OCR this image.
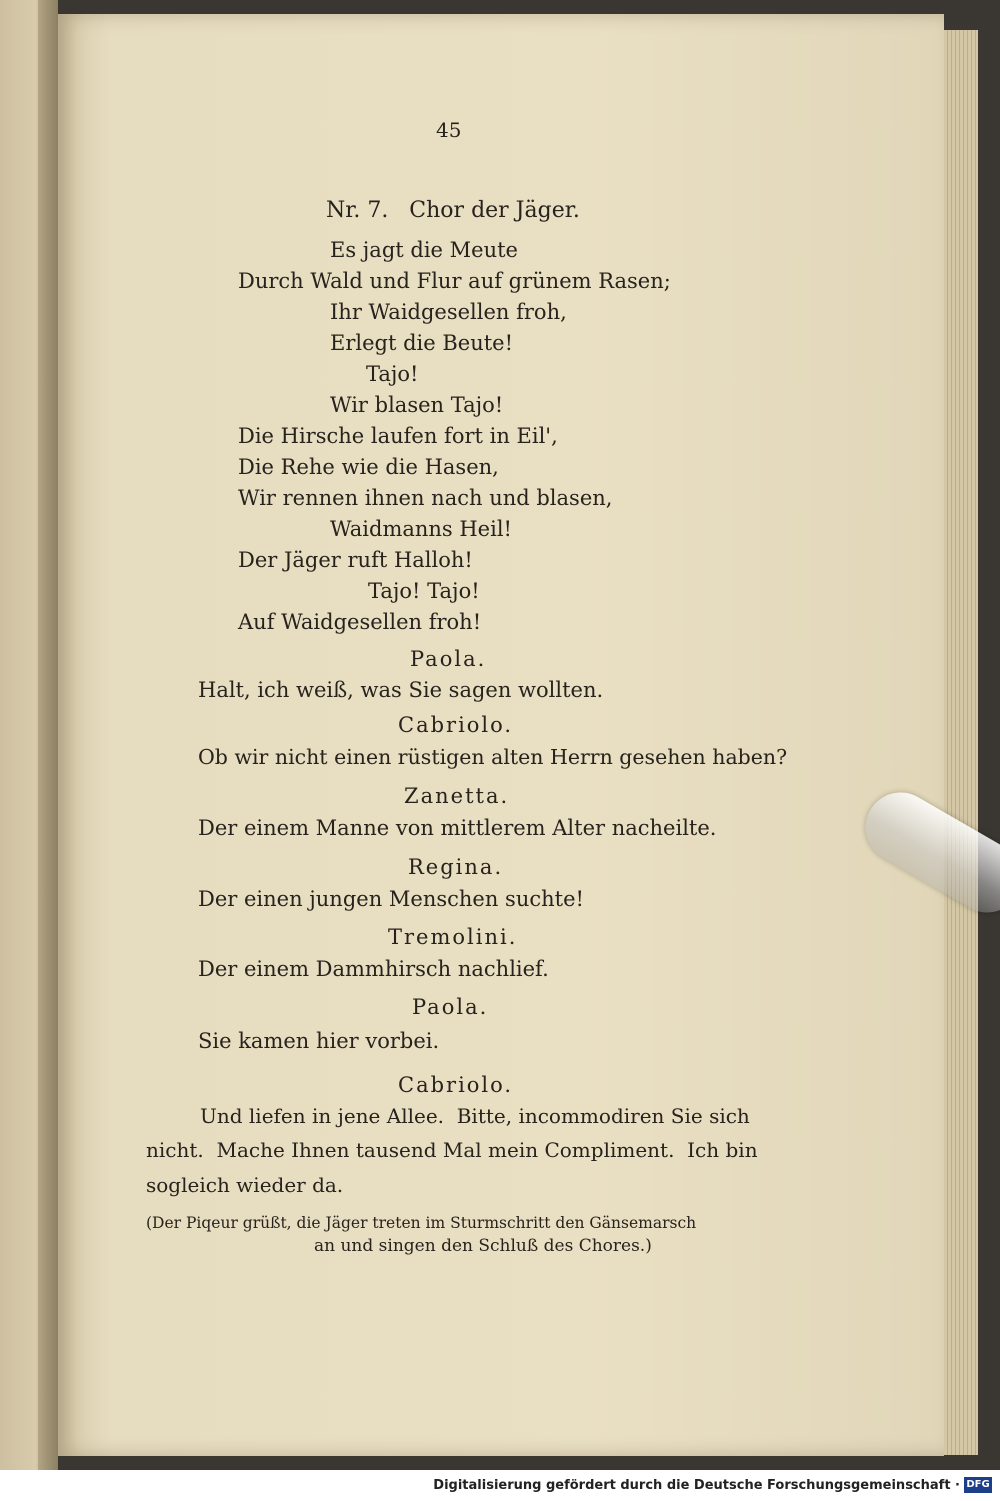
45
Nr. 7.   Chor der Jäger.
Es jagt die Meute
Durch Wald und Flur auf grünem Rasen;
Ihr Waidgesellen froh,
Erlegt die Beute!
Tajo!
Wir blasen Tajo!
Die Hirsche laufen fort in Eil',
Die Rehe wie die Hasen,
Wir rennen ihnen nach und blasen,
Waidmanns Heil!
Der Jäger ruft Halloh!
Tajo! Tajo!
Auf Waidgesellen froh!
Paola.
Halt, ich weiß, was Sie sagen wollten.
Cabriolo.
Ob wir nicht einen rüstigen alten Herrn gesehen haben?
Zanetta.
Der einem Manne von mittlerem Alter nacheilte.
Regina.
Der einen jungen Menschen suchte!
Tremolini.
Der einem Dammhirsch nachlief.
Paola.
Sie kamen hier vorbei.
Cabriolo.
Und liefen in jene Allee.  Bitte, incommodiren Sie sich
nicht.  Mache Ihnen tausend Mal mein Compliment.  Ich bin
sogleich wieder da.
(Der Piqeur grüßt, die Jäger treten im Sturmschritt den Gänsemarsch
an und singen den Schluß des Chores.)
Digitalisierung gefördert durch die Deutsche Forschungsgemeinschaft · DFG
